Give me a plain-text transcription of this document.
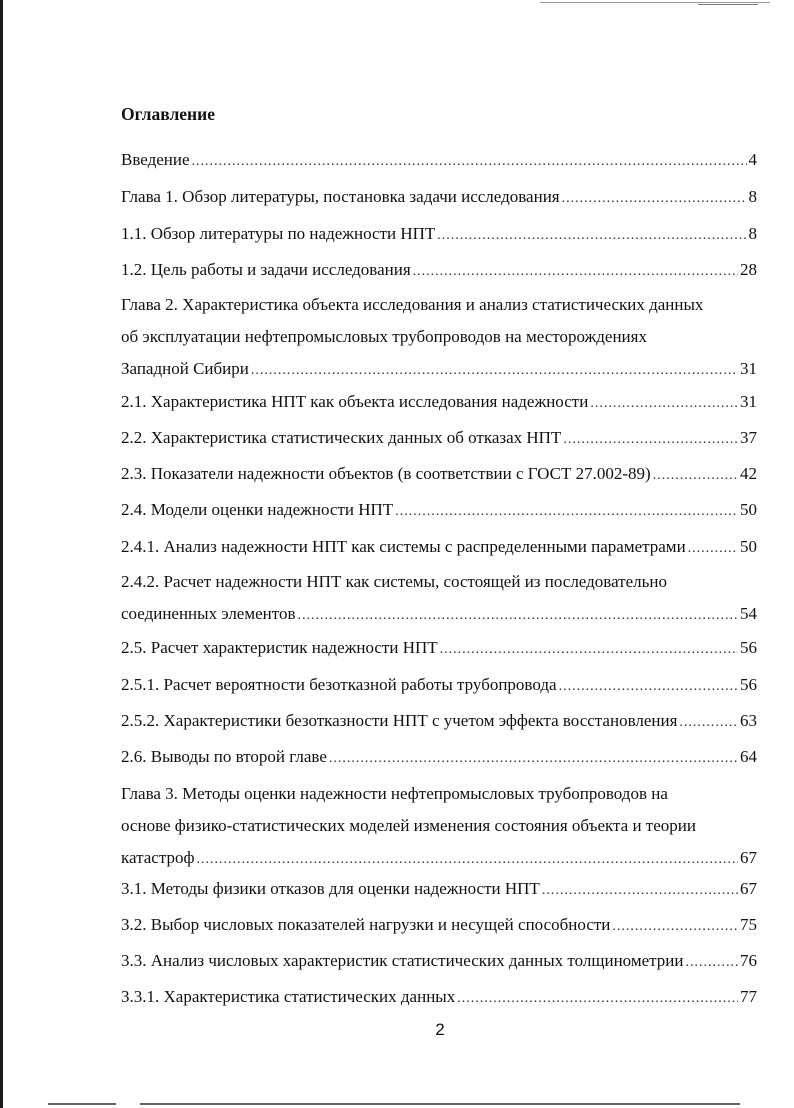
Оглавление
Введение .....	4
Глава 1. Обзор литературы, постановка задачи исследования .....	8
1.1. Обзор литературы по надежности НПТ .....	8
1.2. Цель работы и задачи исследования .....	28
Глава 2. Характеристика объекта исследования и анализ статистических данных
об эксплуатации нефтепромысловых трубопроводов на месторождениях
Западной Сибири .....	31
2.1. Характеристика НПТ как объекта исследования надежности .....	31
2.2. Характеристика статистических данных об отказах НПТ .....	37
2.3. Показатели надежности объектов (в соответствии с ГОСТ 27.002-89) .....	42
2.4. Модели оценки надежности НПТ .....	50
2.4.1. Анализ надежности НПТ как системы с распределенными параметрами .....	50
2.4.2. Расчет надежности НПТ как системы, состоящей из последовательно
соединенных элементов .....	54
2.5. Расчет характеристик надежности НПТ .....	56
2.5.1. Расчет вероятности безотказной работы трубопровода .....	56
2.5.2. Характеристики безотказности НПТ с учетом эффекта восстановления .....	63
2.6. Выводы по второй главе .....	64
Глава 3. Методы оценки надежности нефтепромысловых трубопроводов на
основе физико-статистических моделей изменения состояния объекта и теории
катастроф .....	67
3.1. Методы физики отказов для оценки надежности НПТ .....	67
3.2. Выбор числовых показателей нагрузки и несущей способности .....	75
3.3. Анализ числовых характеристик статистических данных толщинометрии .....	76
3.3.1. Характеристика статистических данных .....	77
2
